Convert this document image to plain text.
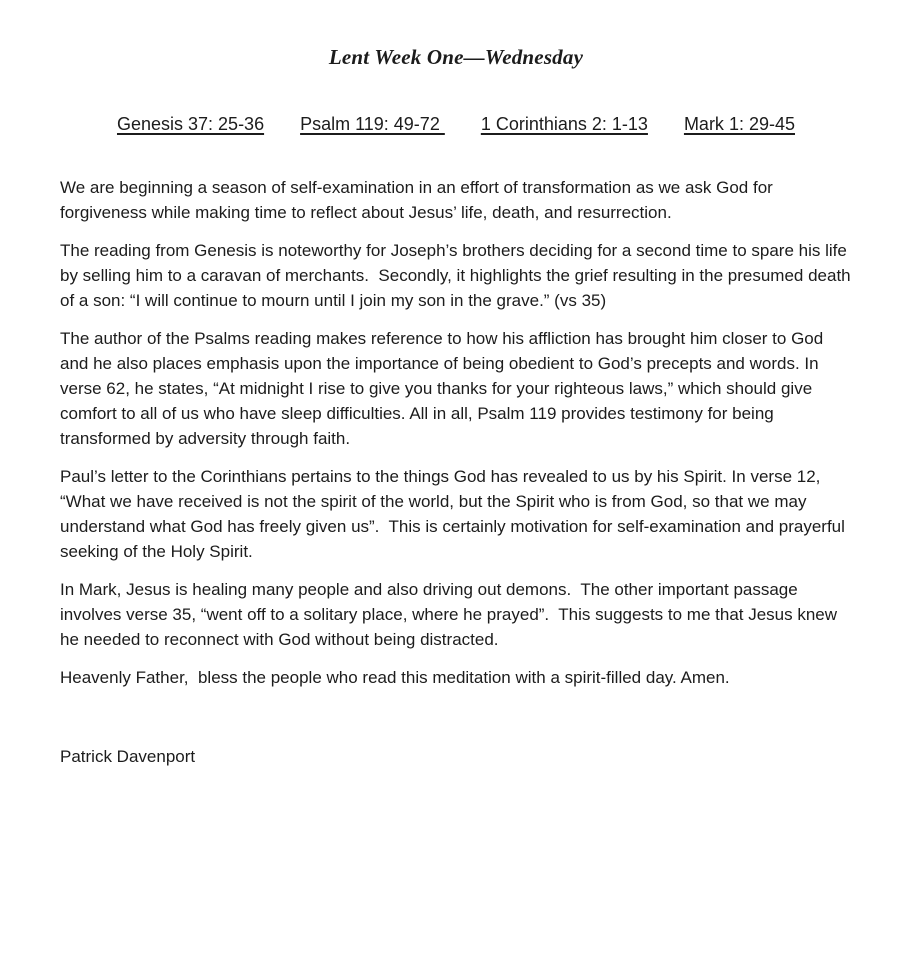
Lent Week One—Wednesday
Genesis 37: 25-36 Psalm 119: 49-72 1 Corinthians 2: 1-13 Mark 1: 29-45

We are beginning a season of self-examination in an effort of transformation as we ask God for forgiveness while making time to reflect about Jesus’ life, death, and resurrection.

The reading from Genesis is noteworthy for Joseph’s brothers deciding for a second time to spare his life by selling him to a caravan of merchants.  Secondly, it highlights the grief resulting in the presumed death of a son: “I will continue to mourn until I join my son in the grave.” (vs 35)

The author of the Psalms reading makes reference to how his affliction has brought him closer to God and he also places emphasis upon the importance of being obedient to God’s precepts and words. In verse 62, he states, “At midnight I rise to give you thanks for your righteous laws,” which should give comfort to all of us who have sleep difficulties. All in all, Psalm 119 provides testimony for being transformed by adversity through faith.

Paul’s letter to the Corinthians pertains to the things God has revealed to us by his Spirit. In verse 12, “What we have received is not the spirit of the world, but the Spirit who is from God, so that we may understand what God has freely given us”.  This is certainly motivation for self-examination and prayerful seeking of the Holy Spirit.

In Mark, Jesus is healing many people and also driving out demons.  The other important passage involves verse 35, “went off to a solitary place, where he prayed”.  This suggests to me that Jesus knew he needed to reconnect with God without being distracted.

Heavenly Father,  bless the people who read this meditation with a spirit-filled day. Amen.

Patrick Davenport
